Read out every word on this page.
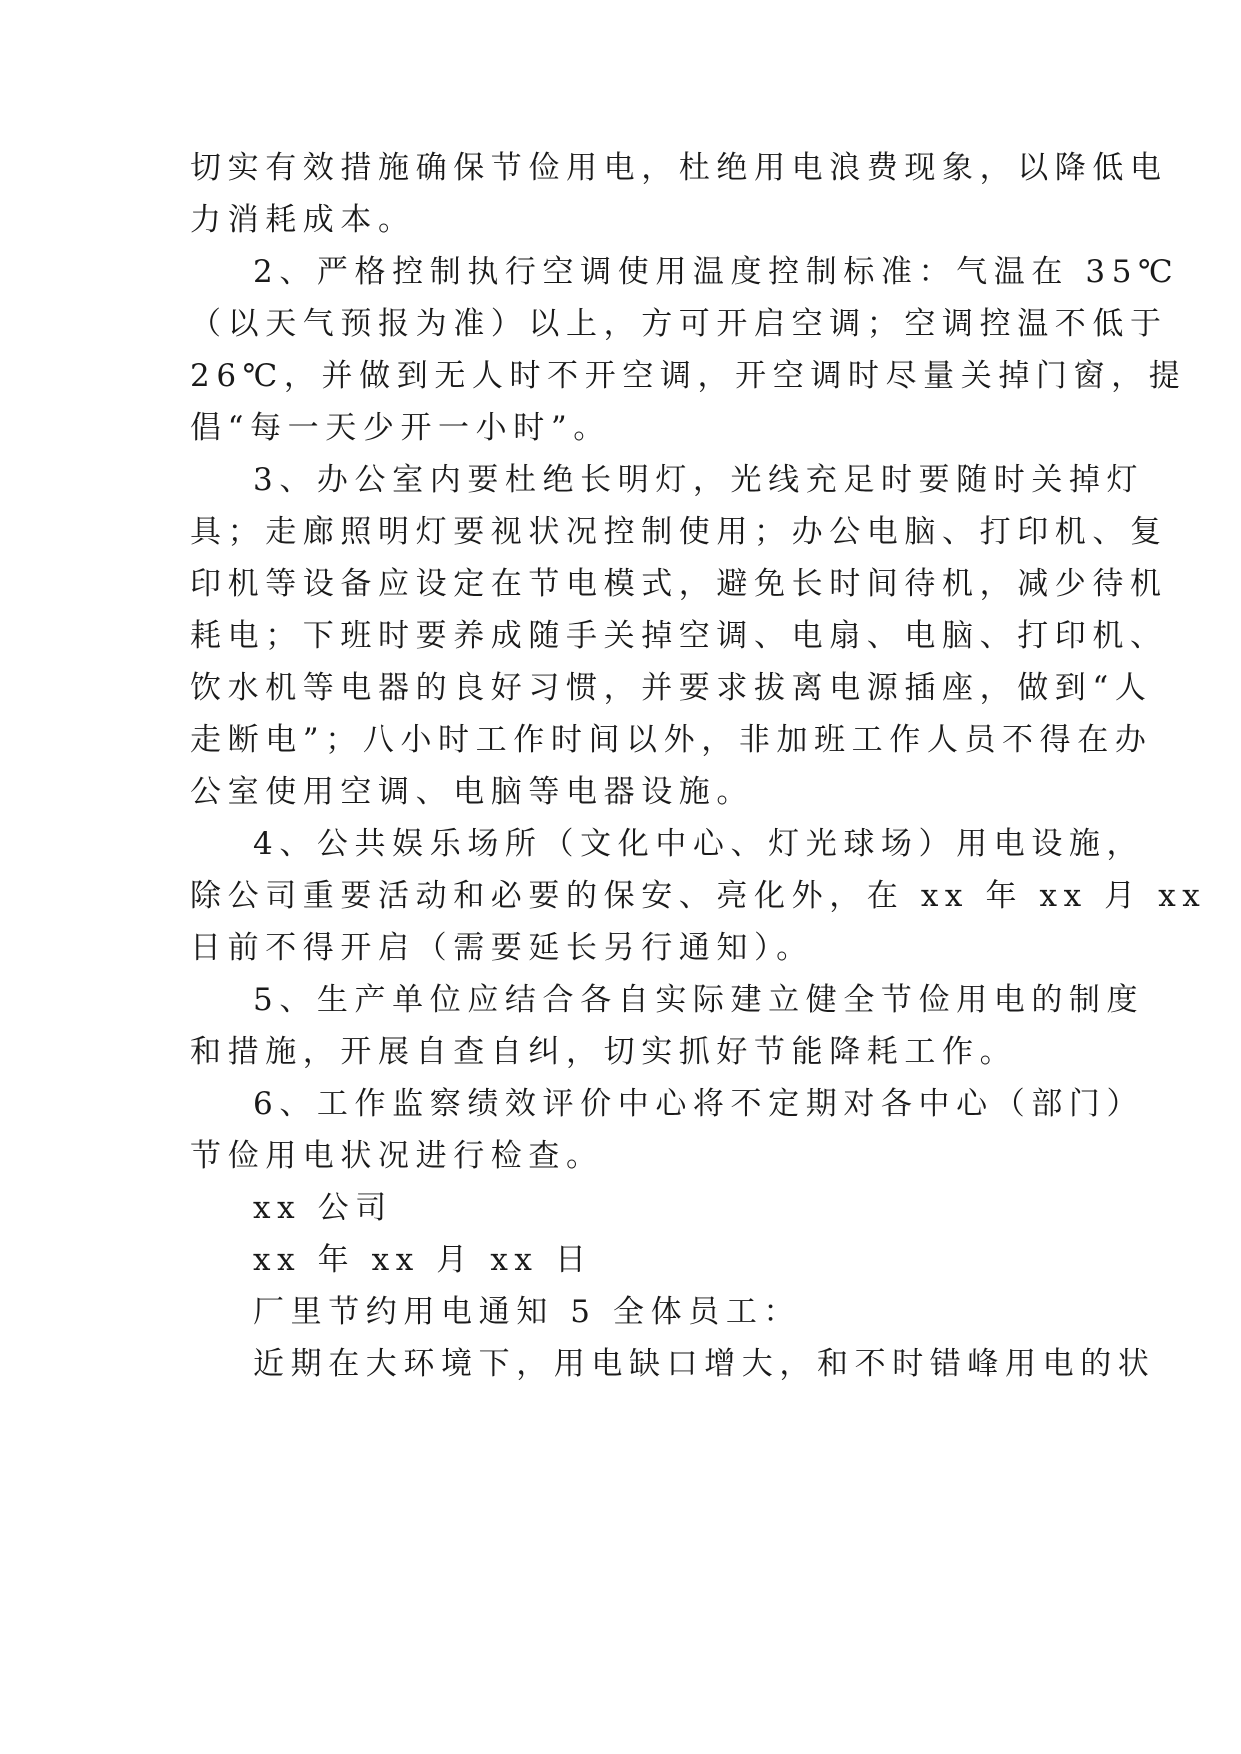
切实有效措施确保节俭用电，杜绝用电浪费现象，以降低电
力消耗成本。
2、严格控制执行空调使用温度控制标准：气温在 35℃
（以天气预报为准）以上，方可开启空调；空调控温不低于
26℃，并做到无人时不开空调，开空调时尽量关掉门窗，提
倡“每一天少开一小时”。
3、办公室内要杜绝长明灯，光线充足时要随时关掉灯
具；走廊照明灯要视状况控制使用；办公电脑、打印机、复
印机等设备应设定在节电模式，避免长时间待机，减少待机
耗电；下班时要养成随手关掉空调、电扇、电脑、打印机、
饮水机等电器的良好习惯，并要求拔离电源插座，做到“人
走断电”；八小时工作时间以外，非加班工作人员不得在办
公室使用空调、电脑等电器设施。
4、公共娱乐场所（文化中心、灯光球场）用电设施，
除公司重要活动和必要的保安、亮化外，在 xx 年 xx 月 xx
日前不得开启（需要延长另行通知）。
5、生产单位应结合各自实际建立健全节俭用电的制度
和措施，开展自查自纠，切实抓好节能降耗工作。
6、工作监察绩效评价中心将不定期对各中心（部门）
节俭用电状况进行检查。
xx 公司
xx 年 xx 月 xx 日
厂里节约用电通知 5 全体员工：
近期在大环境下，用电缺口增大，和不时错峰用电的状
